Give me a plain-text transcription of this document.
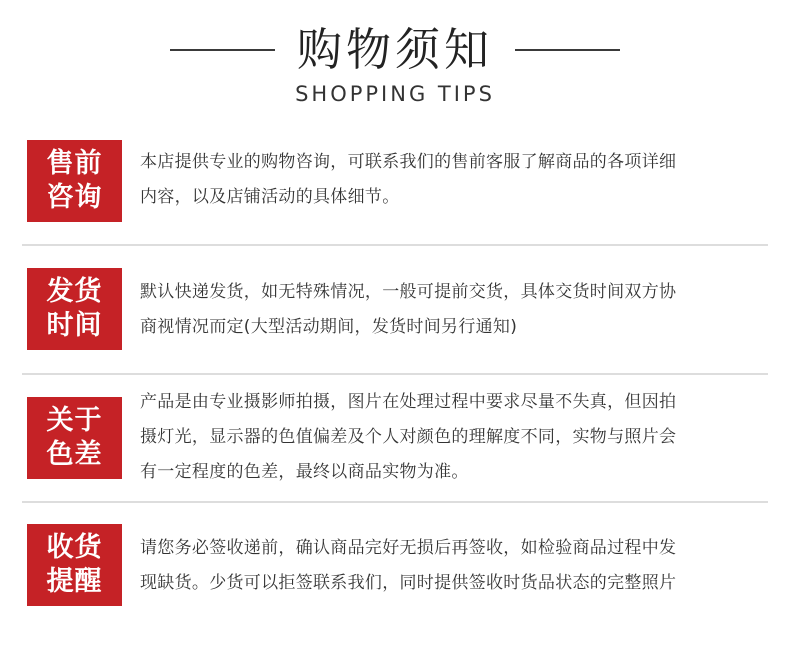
购物须知
SHOPPING TIPS
售前
咨询
本店提供专业的购物咨询，可联系我们的售前客服了解商品的各项详细
内容，以及店铺活动的具体细节。
发货
时间
默认快递发货，如无特殊情况，一般可提前交货，具体交货时间双方协
商视情况而定(大型活动期间，发货时间另行通知)
关于
色差
产品是由专业摄影师拍摄，图片在处理过程中要求尽量不失真，但因拍
摄灯光，显示器的色值偏差及个人对颜色的理解度不同，实物与照片会
有一定程度的色差，最终以商品实物为准。
收货
提醒
请您务必签收递前，确认商品完好无损后再签收，如检验商品过程中发
现缺货。少货可以拒签联系我们，同时提供签收时货品状态的完整照片
